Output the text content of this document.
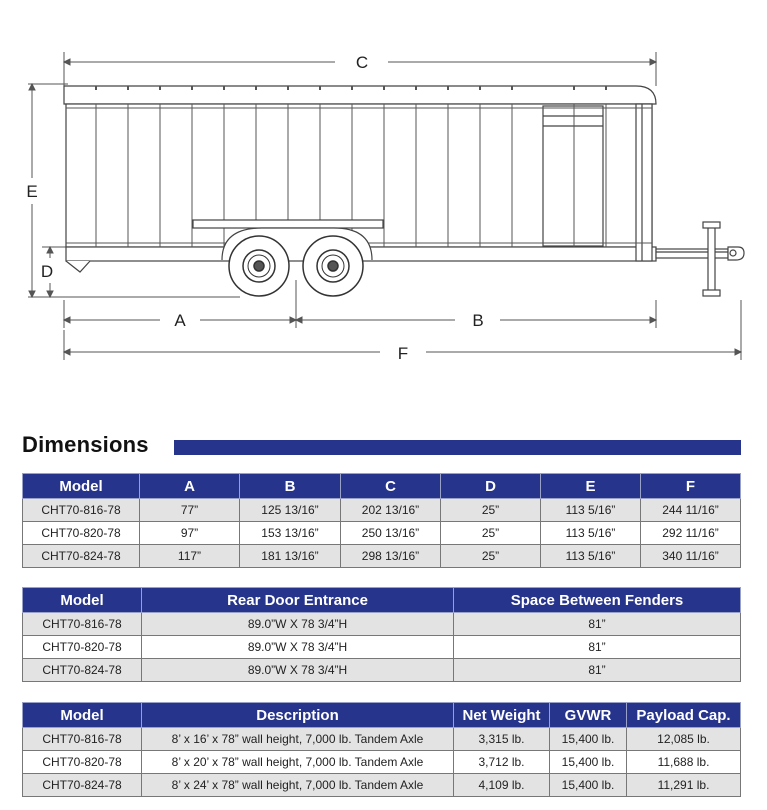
C
E
D
A	B
F
Dimensions
Model	A	B	C	D	E	F
CHT70-816-78	77”	125 13/16”	202 13/16”	25”	113 5/16”	244 11/16”
CHT70-820-78	97”	153 13/16”	250 13/16”	25”	113 5/16”	292 11/16”
CHT70-824-78	117”	181 13/16”	298 13/16”	25”	113 5/16”	340 11/16”
Model	Rear Door Entrance	Space Between Fenders
CHT70-816-78	89.0”W X 78 3/4”H	81”
CHT70-820-78	89.0”W X 78 3/4”H	81”
CHT70-824-78	89.0”W X 78 3/4”H	81”
Model	Description	Net Weight	GVWR	Payload Cap.
CHT70-816-78	8’ x 16’ x 78” wall height, 7,000 lb. Tandem Axle	3,315 lb.	15,400 lb.	12,085 lb.
CHT70-820-78	8’ x 20’ x 78” wall height, 7,000 lb. Tandem Axle	3,712 lb.	15,400 lb.	11,688 lb.
CHT70-824-78	8’ x 24’ x 78” wall height, 7,000 lb. Tandem Axle	4,109 lb.	15,400 lb.	11,291 lb.
